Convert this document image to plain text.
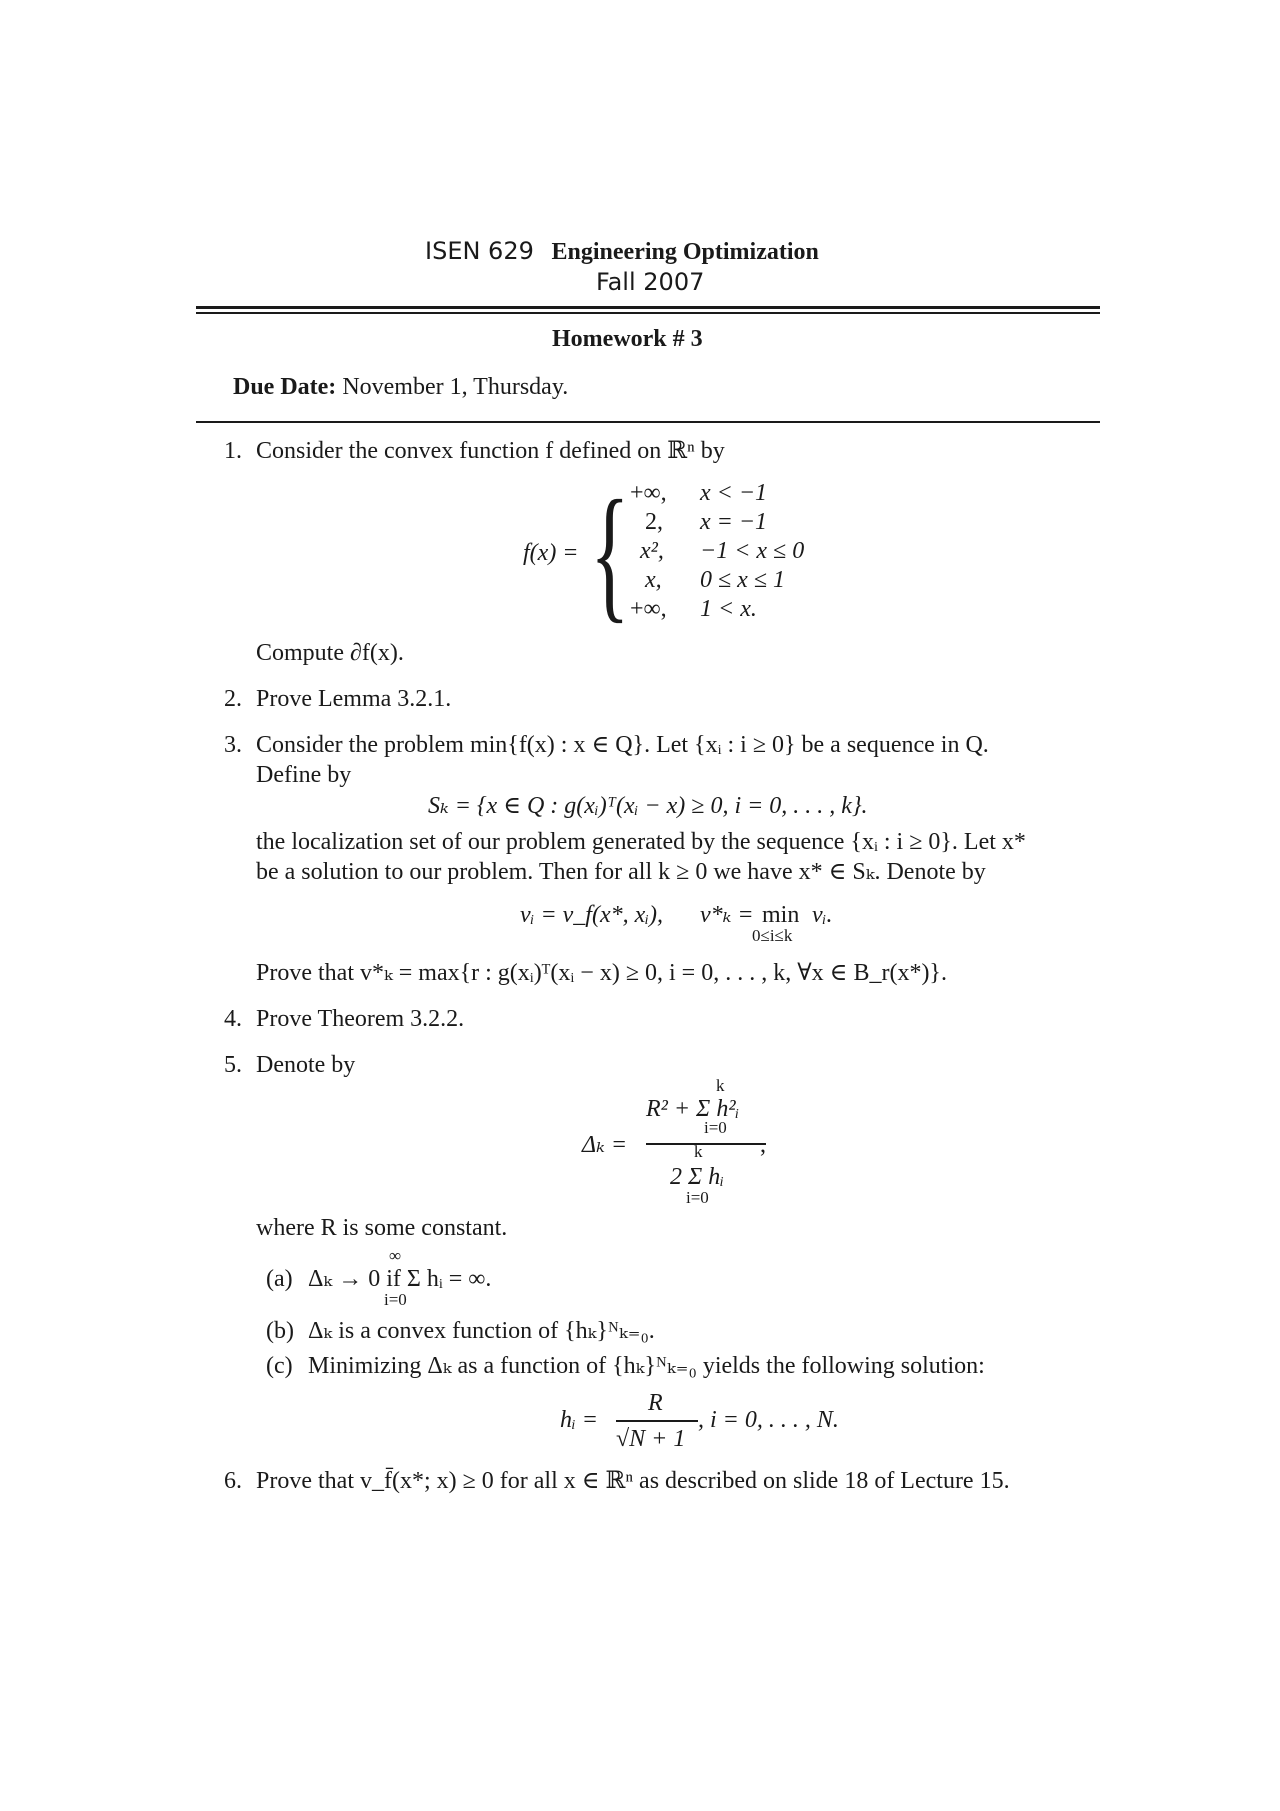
ISEN 629 Engineering Optimization
Fall 2007
Homework # 3
Due Date: November 1, Thursday.
1. Consider the convex function f defined on ℝⁿ by
f(x) = { +∞, x < −1
2, x = −1
x², −1 < x ≤ 0
x, 0 ≤ x ≤ 1
+∞, 1 < x.
Compute ∂f(x).
2. Prove Lemma 3.2.1.
3. Consider the problem min{f(x) : x ∈ Q}. Let {xᵢ : i ≥ 0} be a sequence in Q.
Define by
Sₖ = {x ∈ Q : g(xᵢ)ᵀ(xᵢ − x) ≥ 0, i = 0, . . . , k}.
the localization set of our problem generated by the sequence {xᵢ : i ≥ 0}. Let x*
be a solution to our problem. Then for all k ≥ 0 we have x* ∈ Sₖ. Denote by
vᵢ = v_f(x*, xᵢ), v*ₖ = min
0≤i≤k
vᵢ.
Prove that v*ₖ = max{r : g(xᵢ)ᵀ(xᵢ − x) ≥ 0, i = 0, . . . , k, ∀x ∈ B_r(x*)}.
4. Prove Theorem 3.2.2.
5. Denote by
Δₖ =
k
R² + Σ h²ᵢ
i=0
,
k
2 Σ hᵢ
i=0
where R is some constant.
(a)
∞
Δₖ → 0 if Σ hᵢ = ∞.
i=0
(b) Δₖ is a convex function of {hₖ}ᴺₖ₌₀.
(c) Minimizing Δₖ as a function of {hₖ}ᴺₖ₌₀ yields the following solution:
hᵢ =
R
√N + 1
, i = 0, . . . , N.
6. Prove that v_f̄(x*; x) ≥ 0 for all x ∈ ℝⁿ as described on slide 18 of Lecture 15.
